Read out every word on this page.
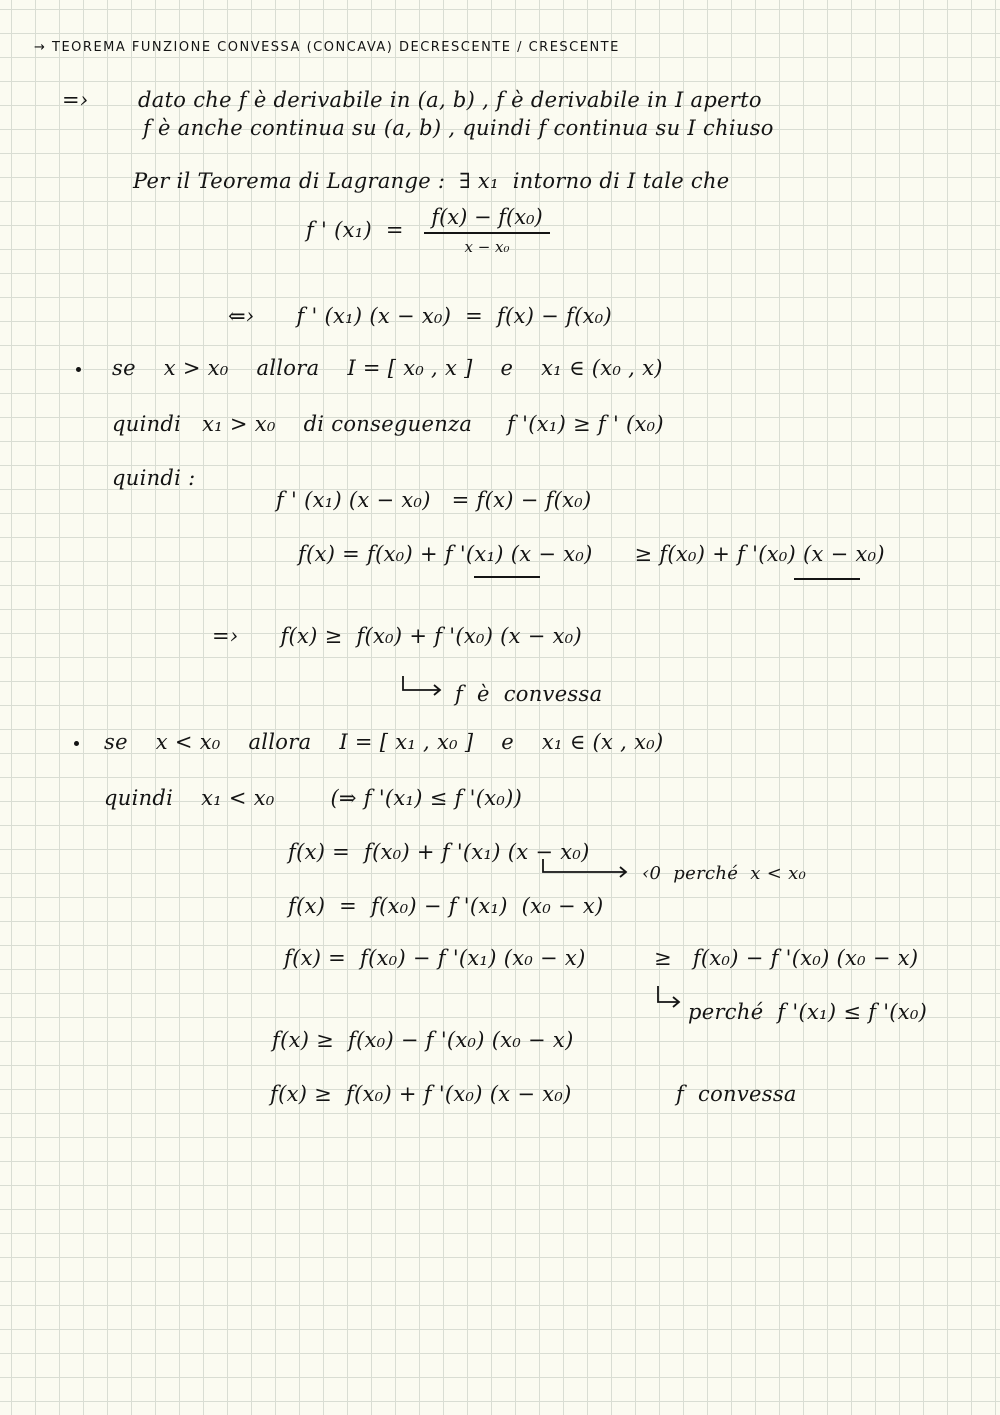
→ TEOREMA FUNZIONE CONVESSA (CONCAVA) DECRESCENTE / CRESCENTE
=› dato che f è derivabile in (a, b) , f è derivabile in I aperto
f è anche continua su (a, b) , quindi f continua su I chiuso
Per il Teorema di Lagrange :  ∃ x₁  intorno di I tale che
f ' (x₁)  =
f(x) − f(x₀)
x − x₀
⇐›      f ' (x₁) (x − x₀)  =  f(x) − f(x₀)
se    x > x₀    allora    I = [ x₀ , x ]    e    x₁ ∈ (x₀ , x)
quindi   x₁ > x₀    di conseguenza     f '(x₁) ≥ f ' (x₀)
quindi :
f ' (x₁) (x − x₀)   = f(x) − f(x₀)
f(x) = f(x₀) + f '(x₁) (x − x₀)      ≥ f(x₀) + f '(x₀) (x − x₀)
=›      f(x) ≥  f(x₀) + f '(x₀) (x − x₀)
f  è  convessa
se    x < x₀    allora    I = [ x₁ , x₀ ]    e    x₁ ∈ (x , x₀)
quindi    x₁ < x₀        (⇒ f '(x₁) ≤ f '(x₀))
f(x) =  f(x₀) + f '(x₁) (x − x₀)
‹0  perché  x < x₀
f(x)  =  f(x₀) − f '(x₁)  (x₀ − x)
f(x) =  f(x₀) − f '(x₁) (x₀ − x)	≥   f(x₀) − f '(x₀) (x₀ − x)
perché  f '(x₁) ≤ f '(x₀)
f(x) ≥  f(x₀) − f '(x₀) (x₀ − x)
f(x) ≥  f(x₀) + f '(x₀) (x − x₀)	f  convessa
